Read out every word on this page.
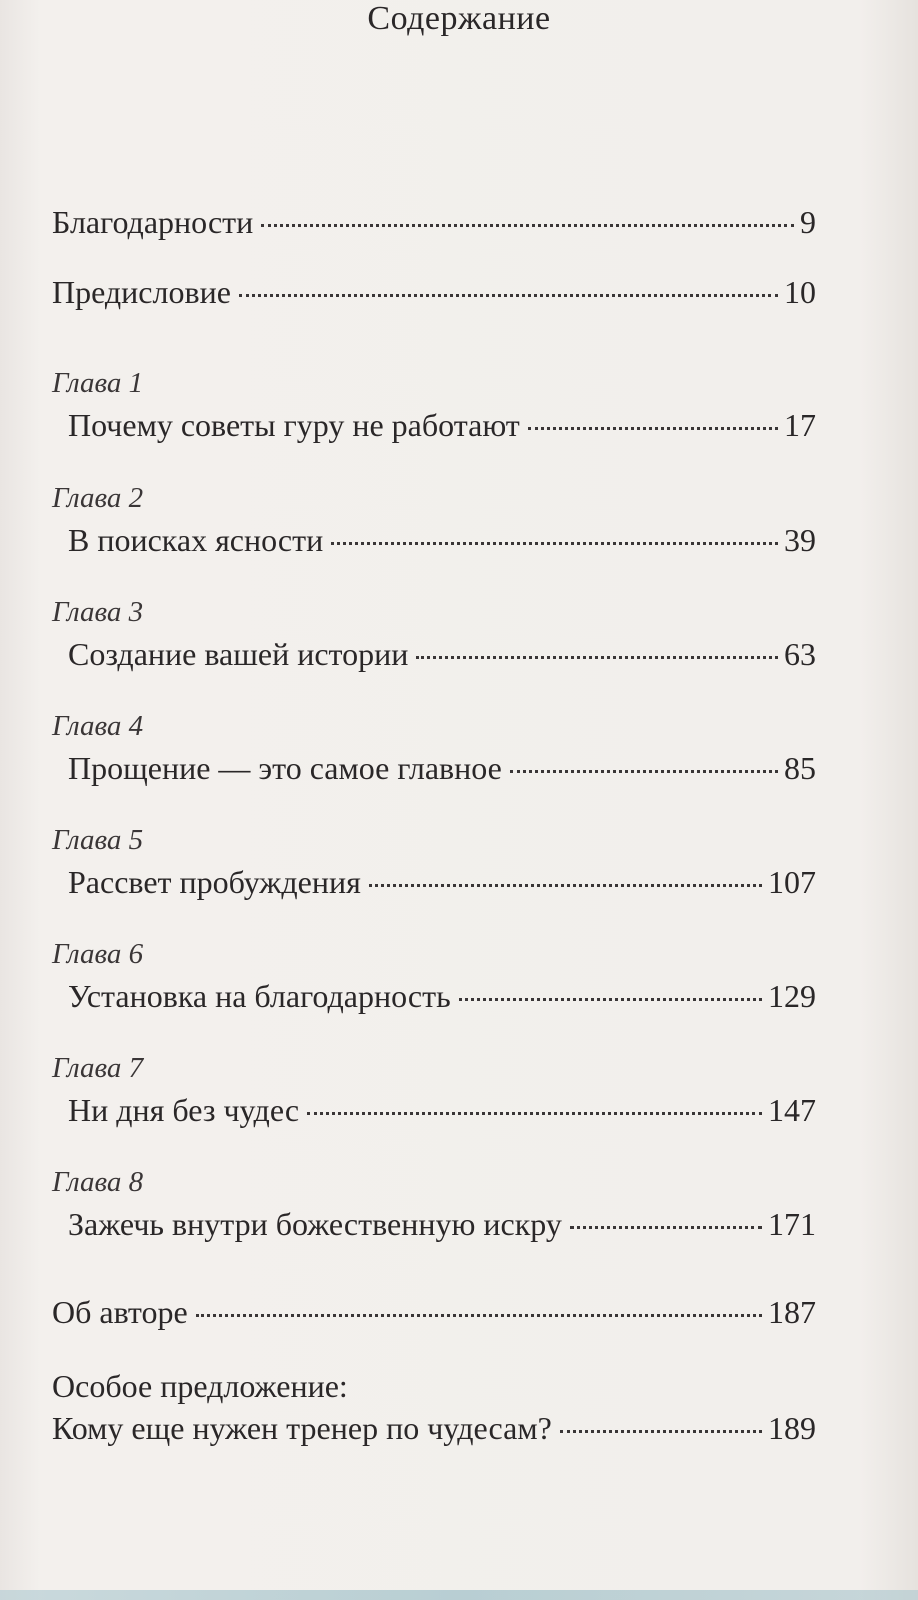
Содержание
Благодарности	9
Предисловие	10
Глава 1
Почему советы гуру не работают	17
Глава 2
В поисках ясности	39
Глава 3
Создание вашей истории	63
Глава 4
Прощение — это самое главное	85
Глава 5
Рассвет пробуждения	107
Глава 6
Установка на благодарность	129
Глава 7
Ни дня без чудес	147
Глава 8
Зажечь внутри божественную искру	171
Об авторе	187
Особое предложение:
Кому еще нужен тренер по чудесам?	189
